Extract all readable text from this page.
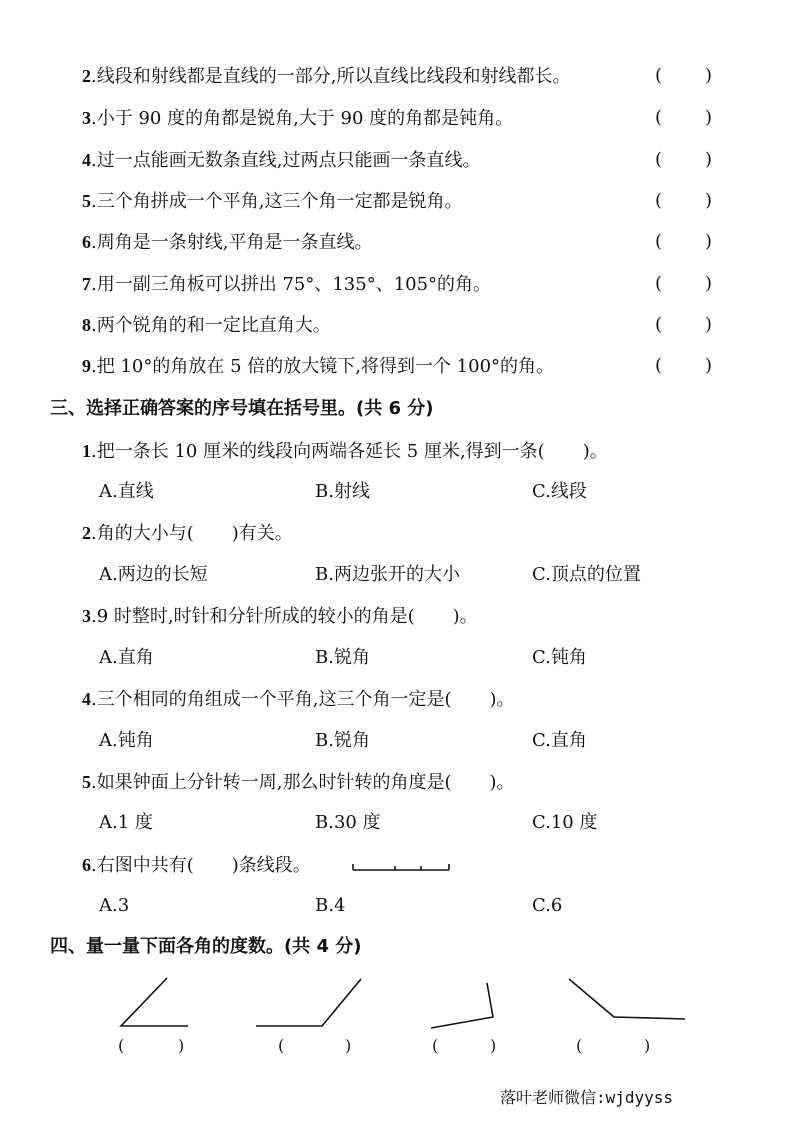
2.线段和射线都是直线的一部分,所以直线比线段和射线都长。	( )
3.小于 90 度的角都是锐角,大于 90 度的角都是钝角。	( )
4.过一点能画无数条直线,过两点只能画一条直线。	( )
5.三个角拼成一个平角,这三个角一定都是锐角。	( )
6.周角是一条射线,平角是一条直线。	( )
7.用一副三角板可以拼出 75°、135°、105°的角。	( )
8.两个锐角的和一定比直角大。	( )
9.把 10°的角放在 5 倍的放大镜下,将得到一个 100°的角。	( )
三、选择正确答案的序号填在括号里。(共 6 分)
1.把一条长 10 厘米的线段向两端各延长 5 厘米,得到一条( )。
A.直线	B.射线	C.线段
2.角的大小与( )有关。
A.两边的长短	B.两边张开的大小	C.顶点的位置
3.9 时整时,时针和分针所成的较小的角是( )。
A.直角	B.锐角	C.钝角
4.三个相同的角组成一个平角,这三个角一定是( )。
A.钝角	B.锐角	C.直角
5.如果钟面上分针转一周,那么时针转的角度是( )。
A.1 度	B.30 度	C.10 度
6.右图中共有( )条线段。
A.3	B.4	C.6
四、量一量下面各角的度数。(共 4 分)
(	)	(	)	(	)	(	)
落叶老师微信:wjdyyss
